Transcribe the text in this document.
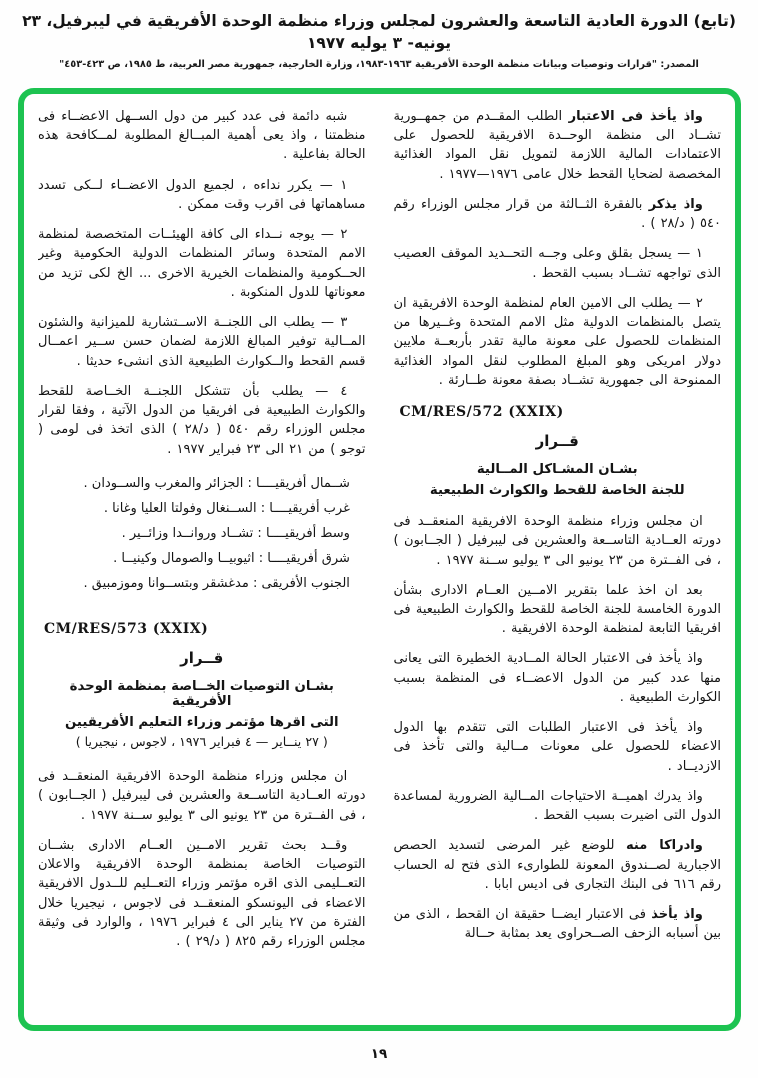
(تابع) الدورة العادية التاسعة والعشرون لمجلس وزراء منظمة الوحدة الأفريقية في ليبرفيل، ٢٣ يونيه- ٣ يوليه ١٩٧٧
المصدر: "قرارات وتوصيات وبيانات منظمة الوحدة الأفريقية ١٩٦٣-١٩٨٣، وزارة الخارجية، جمهورية مصر العربية، ط ١٩٨٥، ص ٤٢٣-٤٥٣"

واذ يأخذ فى الاعتبار الطلب المقــدم من جمهــورية تشــاد الى منظمة الوحــدة الافريقية للحصول على الاعتمادات المالية اللازمة لتمويل نقل المواد الغذائية المخصصة لضحايا القحط خلال عامى ١٩٧٦—١٩٧٧ .

واذ يذكر بالفقرة الثــالثة من قرار مجلس الوزراء رقم ٥٤٠ ( د/٢٨ ) .

١ — يسجل بقلق وعلى وجــه التحــديد الموقف العصيب الذى تواجهه تشــاد بسبب القحط .

٢ — يطلب الى الامين العام لمنظمة الوحدة الافريقية ان يتصل بالمنظمات الدولية مثل الامم المتحدة وغــيرها من المنظمات للحصول على معونة مالية تقدر بأربعــة ملايين دولار امريكى وهو المبلغ المطلوب لنقل المواد الغذائية الممنوحة الى جمهورية تشــاد بصفة معونة طــارئة .

CM/RES/572 (XXIX)
قــرار
بشـان المشـاكل المــالية
للجنة الخاصة للقحط والكوارث الطبيعية

ان مجلس وزراء منظمة الوحدة الافريقية المنعقــد فى دورته العــادية التاســعة والعشرين فى ليبرفيل ( الجــابون ) ، فى الفــترة من ٢٣ يونيو الى ٣ يوليو ســنة ١٩٧٧ .

بعد ان اخذ علما بتقرير الامــين العــام الادارى بشأن الدورة الخامسة للجنة الخاصة للقحط والكوارث الطبيعية فى افريقيا التابعة لمنظمة الوحدة الافريقية .

واذ يأخذ فى الاعتبار الحالة المــادية الخطيرة التى يعانى منها عدد كبير من الدول الاعضــاء فى المنظمة بسبب الكوارث الطبيعية .

واذ يأخذ فى الاعتبار الطلبات التى تتقدم بها الدول الاعضاء للحصول على معونات مــالية والتى تأخذ فى الازديــاد .

واذ يدرك اهميــة الاحتياجات المــالية الضرورية لمساعدة الدول التى اضيرت بسبب القحط .

وادراكا منه للوضع غير المرضى لتسديد الحصص الاجبارية لصــندوق المعونة للطوارىء الذى فتح له الحساب رقم ٦١٦ فى البنك التجارى فى اديس ابابا .

واذ يأخذ فى الاعتبار ايضــا حقيقة ان القحط ، الذى من بين أسبابه الزحف الصــحراوى يعد بمثابة حــالة

شبه دائمة فى عدد كبير من دول الســهل الاعضــاء فى منظمتنا ، واذ يعى أهمية المبــالغ المطلوبة لمــكافحة هذه الحالة بفاعلية .

١ — يكرر نداءه ، لجميع الدول الاعضــاء لــكى تسدد مساهماتها فى اقرب وقت ممكن .

٢ — يوجه نــداء الى كافة الهيئــات المتخصصة لمنظمة الامم المتحدة وسائر المنظمات الدولية الحكومية وغير الحــكومية والمنظمات الخيرية الاخرى ... الخ لكى تزيد من معوناتها للدول المنكوبة .

٣ — يطلب الى اللجنــة الاســتشارية للميزانية والشئون المــالية توفير المبالغ اللازمة لضمان حسن ســير اعمــال قسم القحط والــكوارث الطبيعية الذى انشىء حديثا .

٤ — يطلب بأن تتشكل اللجنــة الخــاصة للقحط والكوارث الطبيعية فى افريقيا من الدول الآتية ، وفقا لقرار مجلس الوزراء رقم ٥٤٠ ( د/٢٨ ) الذى اتخذ فى لومى ( توجو ) من ٢١ الى ٢٣ فبراير ١٩٧٧ .

شــمال أفريقيــــا : الجزائر والمغرب والســودان .
غرب أفريقيــــا : الســنغال وفولتا العليا وغانا .
وسط أفريقيــــا : تشــاد وروانــدا وزائــير .
شرق أفريقيــــا : اثيوبيــا والصومال وكينيــا .
الجنوب الأفريقى : مدغشقر وبتســوانا وموزمبيق .
CM/RES/573 (XXIX)
قــرار
بشـان التوصيات الخــاصة بمنظمة الوحدة الأفريقية
التى اقرها مؤتمر وزراء التعليم الأفريقيين
( ٢٧ ينــاير — ٤ فبراير ١٩٧٦ ، لاجوس ، نيجيريا )

ان مجلس وزراء منظمة الوحدة الافريقية المنعقــد فى دورته العــادية التاســعة والعشرين فى ليبرفيل ( الجــابون ) ، فى الفــترة من ٢٣ يونيو الى ٣ يوليو ســنة ١٩٧٧ .

وقــد بحث تقرير الامــين العــام الادارى بشــان التوصيات الخاصة بمنظمة الوحدة الافريقية والاعلان التعــليمى الذى اقره مؤتمر وزراء التعــليم للــدول الافريقية الاعضاء فى اليونسكو المنعقــد فى لاجوس ، نيجيريا خلال الفترة من ٢٧ يناير الى ٤ فبراير ١٩٧٦ ، والوارد فى وثيقة مجلس الوزراء رقم ٨٢٥ ( د/٢٩ ) .

١٩
